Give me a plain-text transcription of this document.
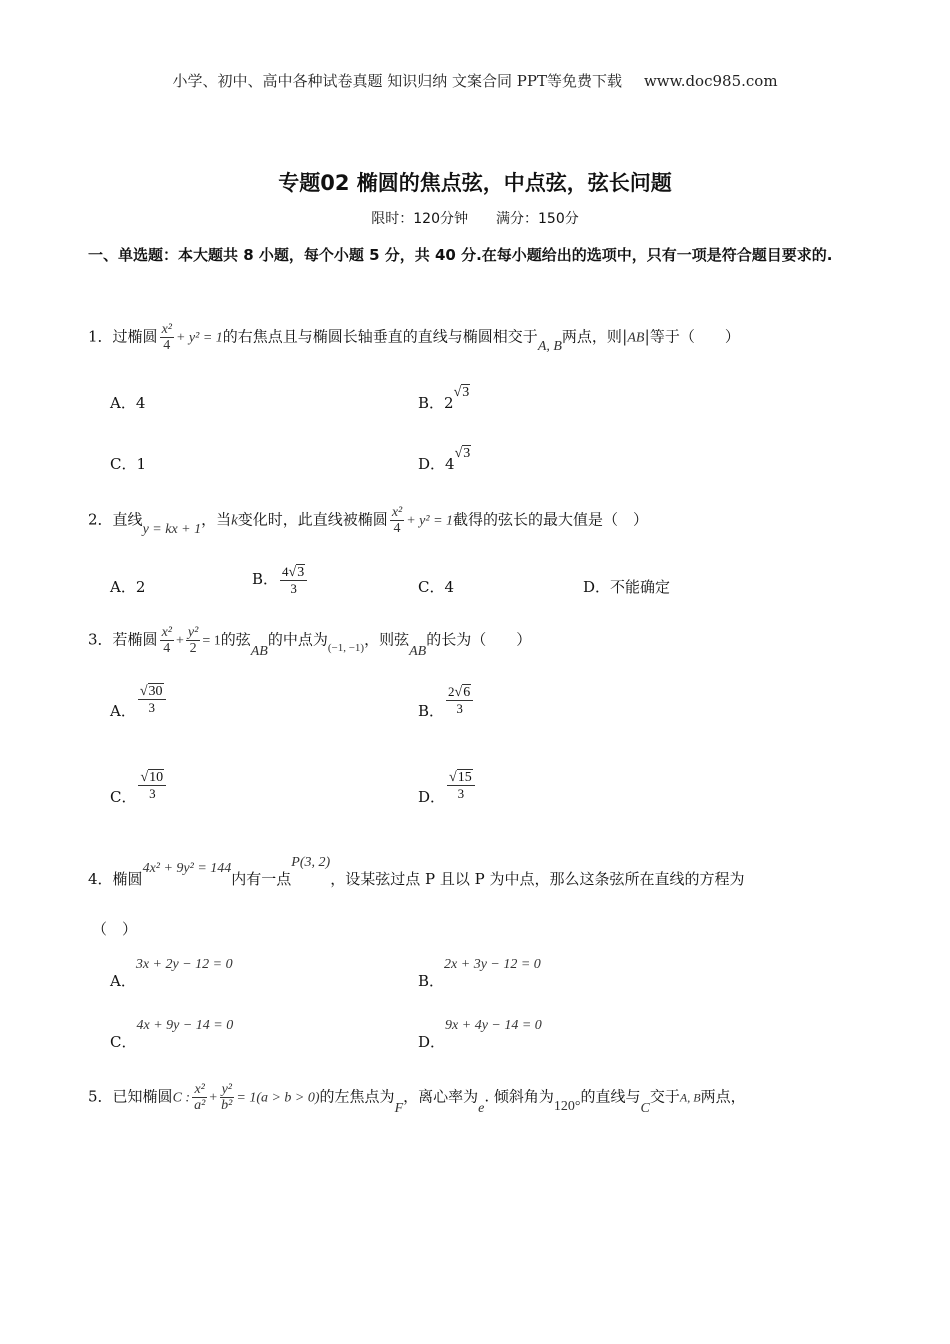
小学、初中、高中各种试卷真题 知识归纳 文案合同 PPT等免费下载 www.doc985.com
专题02 椭圆的焦点弦，中点弦，弦长问题
限时：120分钟 满分：150分
一、单选题：本大题共 8 小题，每个小题 5 分，共 40 分.在每小题给出的选项中，只有一项是符合题目要求的.
1．过椭圆 $\frac{\text{x²}}{4} + y^2 = 1$的右焦点且与椭圆长轴垂直的直线与椭圆相交于A, B两点，则|AB|等于（　　）
A．4	B．2√3
C．1	D．4√3
2．直线y = kx + 1，当k变化时，此直线被椭圆 $\frac{\text{x²}}{4} + y^2 = 1$截得的弦长的最大值是（　）
A．2	B． $\frac{4√3}{3}$	C．4	D．不能确定
3．若椭圆 $\frac{\text{x²}}{4} + \frac{\text{y²}}{2} = 1$的弦AB的中点为$_{(-1, -1)}$，则弦AB的长为（　　）
A． $\frac{√30}{3}$	B． $\frac{2√6}{3}$
C． $\frac{√10}{3}$	D． $\frac{√15}{3}$
4．椭圆4x² + 9y² = 144内有一点P(3, 2)，设某弦过点 P 且以 P 为中点，那么这条弦所在直线的方程为
（　）
A．3x + 2y − 12 = 0
B．2x + 3y − 12 = 0
C．4x + 9y − 14 = 0
D．9x + 4y − 14 = 0
5．已知椭圆C : $\frac{\text{x²}}{\text{a²}} + \frac{\text{y²}}{\text{b²}} = 1(a > b > 0)$的左焦点为F，离心率为e. 倾斜角为120°的直线与C交于A, B两点，
